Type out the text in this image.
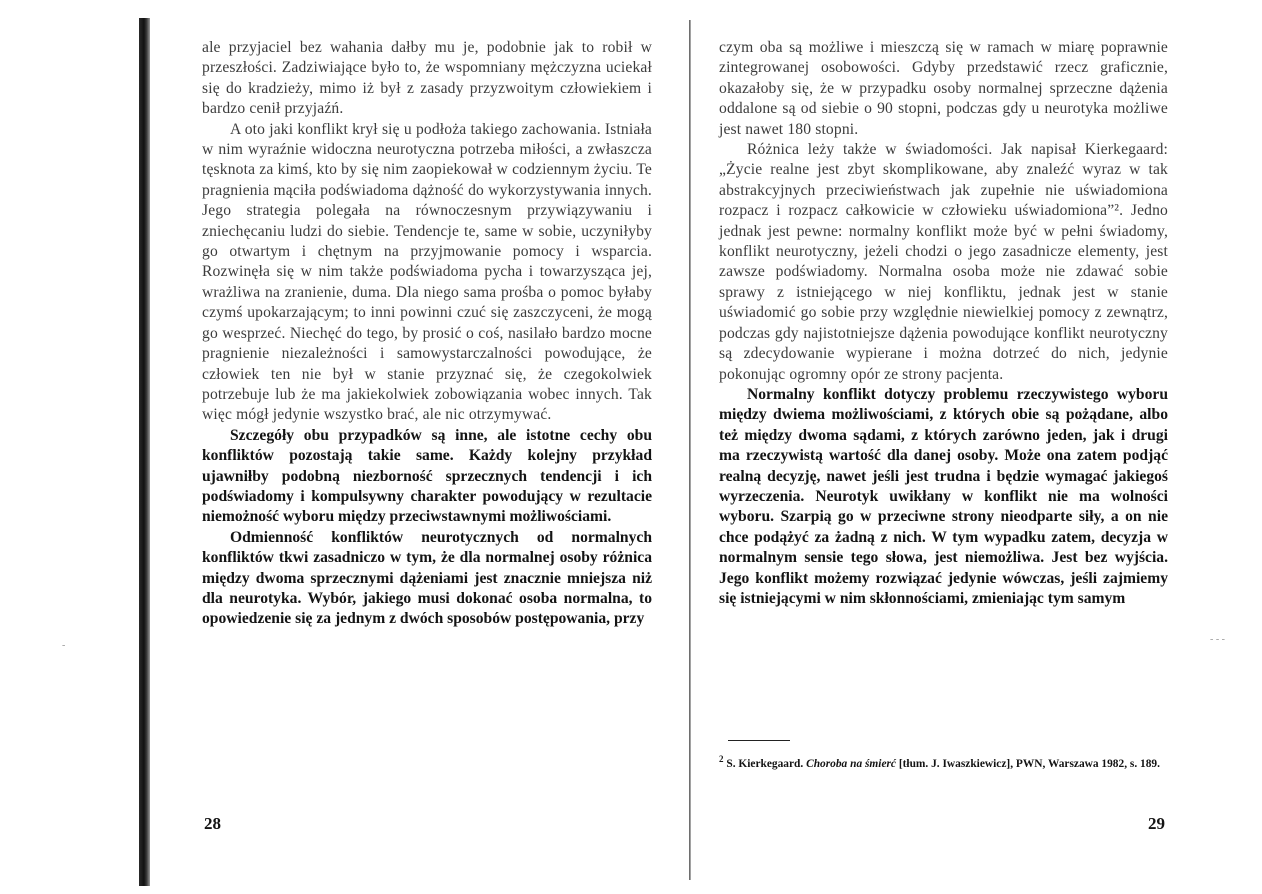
ale przyjaciel bez wahania dałby mu je, podobnie jak to robił w przeszłości. Zadziwiające było to, że wspomniany mężczyzna uciekał się do kradzieży, mimo iż był z zasady przyzwoitym człowiekiem i bardzo cenił przyjaźń.

A oto jaki konflikt krył się u podłoża takiego zachowania. Istniała w nim wyraźnie widoczna neurotyczna potrzeba miłości, a zwłaszcza tęsknota za kimś, kto by się nim zaopiekował w codziennym życiu. Te pragnienia mąciła podświadoma dążność do wykorzystywania innych. Jego strategia polegała na równoczesnym przywiązywaniu i zniechęcaniu ludzi do siebie. Tendencje te, same w sobie, uczyniłyby go otwartym i chętnym na przyjmowanie pomocy i wsparcia. Rozwinęła się w nim także podświadoma pycha i towarzysząca jej, wrażliwa na zranienie, duma. Dla niego sama prośba o pomoc byłaby czymś upokarzającym; to inni powinni czuć się zaszczyceni, że mogą go wesprzeć. Niechęć do tego, by prosić o coś, nasilało bardzo mocne pragnienie niezależności i samowystarczalności powodujące, że człowiek ten nie był w stanie przyznać się, że czegokolwiek potrzebuje lub że ma jakiekolwiek zobowiązania wobec innych. Tak więc mógł jedynie wszystko brać, ale nic otrzymywać.

Szczegóły obu przypadków są inne, ale istotne cechy obu konfliktów pozostają takie same. Każdy kolejny przykład ujawniłby podobną niezborność sprzecznych tendencji i ich podświadomy i kompulsywny charakter powodujący w rezultacie niemożność wyboru między przeciwstawnymi możliwościami.

Odmienność konfliktów neurotycznych od normalnych konfliktów tkwi zasadniczo w tym, że dla normalnej osoby różnica między dwoma sprzecznymi dążeniami jest znacznie mniejsza niż dla neurotyka. Wybór, jakiego musi dokonać osoba normalna, to opowiedzenie się za jednym z dwóch sposobów postępowania, przy

czym oba są możliwe i mieszczą się w ramach w miarę poprawnie zintegrowanej osobowości. Gdyby przedstawić rzecz graficznie, okazałoby się, że w przypadku osoby normalnej sprzeczne dążenia oddalone są od siebie o 90 stopni, podczas gdy u neurotyka możliwe jest nawet 180 stopni.

Różnica leży także w świadomości. Jak napisał Kierkegaard: „Życie realne jest zbyt skomplikowane, aby znaleźć wyraz w tak abstrakcyjnych przeciwieństwach jak zupełnie nie uświadomiona rozpacz i rozpacz całkowicie w człowieku uświadomiona”². Jedno jednak jest pewne: normalny konflikt może być w pełni świadomy, konflikt neurotyczny, jeżeli chodzi o jego zasadnicze elementy, jest zawsze podświadomy. Normalna osoba może nie zdawać sobie sprawy z istniejącego w niej konfliktu, jednak jest w stanie uświadomić go sobie przy względnie niewielkiej pomocy z zewnątrz, podczas gdy najistotniejsze dążenia powodujące konflikt neurotyczny są zdecydowanie wypierane i można dotrzeć do nich, jedynie pokonując ogromny opór ze strony pacjenta.

Normalny konflikt dotyczy problemu rzeczywistego wyboru między dwiema możliwościami, z których obie są pożądane, albo też między dwoma sądami, z których zarówno jeden, jak i drugi ma rzeczywistą wartość dla danej osoby. Może ona zatem podjąć realną decyzję, nawet jeśli jest trudna i będzie wymagać jakiegoś wyrzeczenia. Neurotyk uwikłany w konflikt nie ma wolności wyboru. Szarpią go w przeciwne strony nieodparte siły, a on nie chce podążyć za żadną z nich. W tym wypadku zatem, decyzja w normalnym sensie tego słowa, jest niemożliwa. Jest bez wyjścia. Jego konflikt możemy rozwiązać jedynie wówczas, jeśli zajmiemy się istniejącymi w nim skłonnościami, zmieniając tym samym

$^2$ S. Kierkegaard. Choroba na śmierć [tłum. J. Iwaszkiewicz], PWN, Warszawa 1982, s. 189.

28	29
-
- - -
